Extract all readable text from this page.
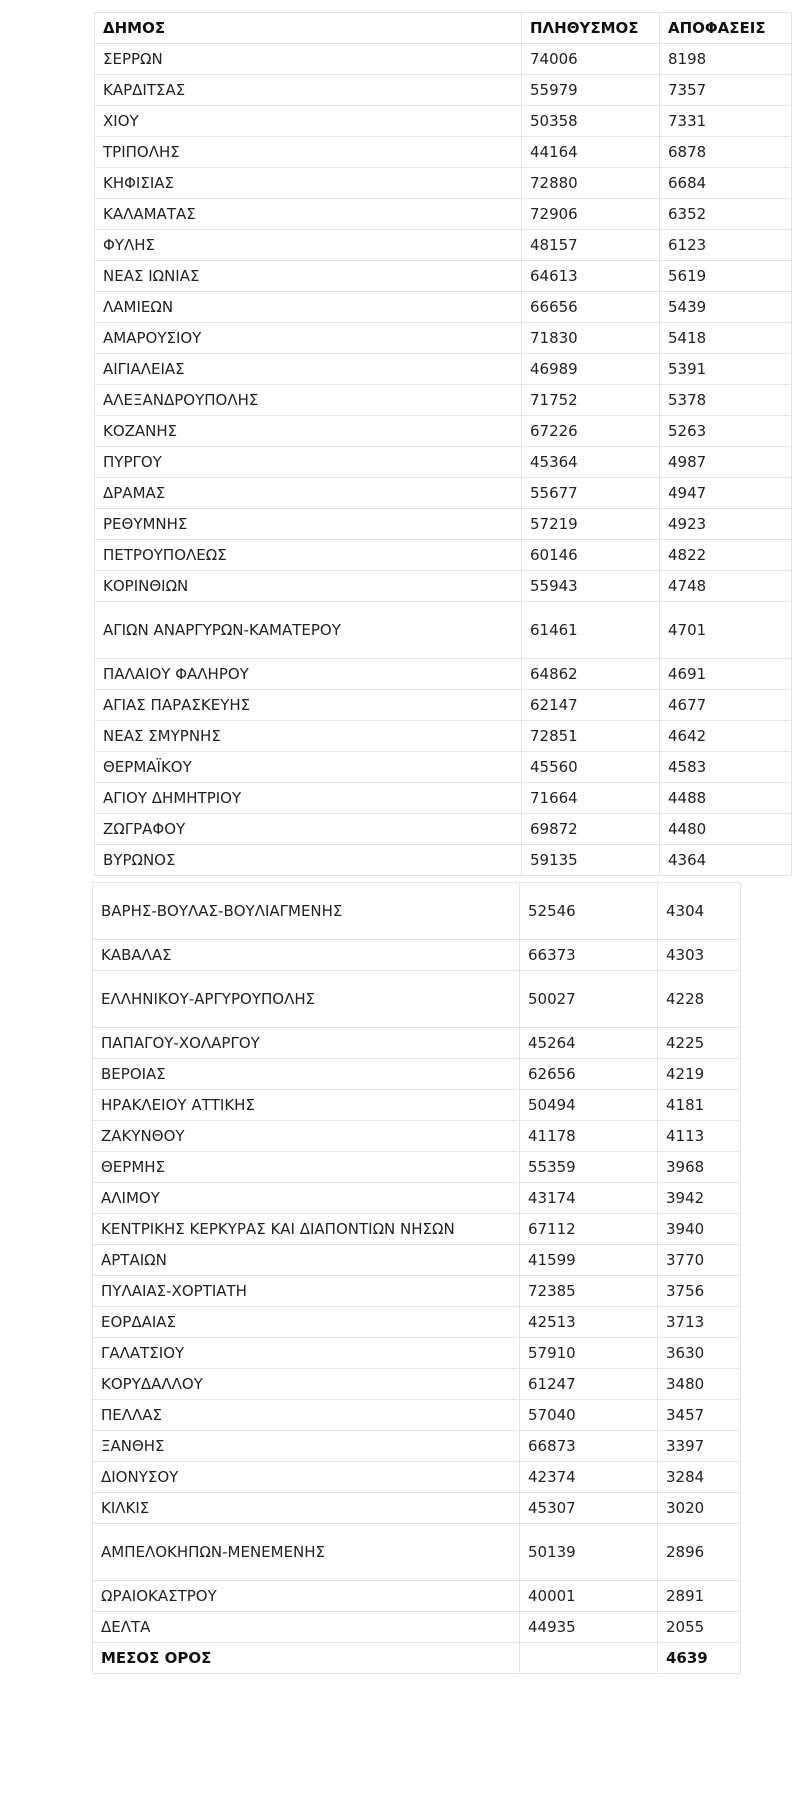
ΔΗΜΟΣ	ΠΛΗΘΥΣΜΟΣ	ΑΠΟΦΑΣΕΙΣ
ΣΕΡΡΩΝ	74006	8198
ΚΑΡΔΙΤΣΑΣ	55979	7357
ΧΙΟΥ	50358	7331
ΤΡΙΠΟΛΗΣ	44164	6878
ΚΗΦΙΣΙΑΣ	72880	6684
ΚΑΛΑΜΑΤΑΣ	72906	6352
ΦΥΛΗΣ	48157	6123
ΝΕΑΣ ΙΩΝΙΑΣ	64613	5619
ΛΑΜΙΕΩΝ	66656	5439
ΑΜΑΡΟΥΣΙΟΥ	71830	5418
ΑΙΓΙΑΛΕΙΑΣ	46989	5391
ΑΛΕΞΑΝΔΡΟΥΠΟΛΗΣ	71752	5378
ΚΟΖΑΝΗΣ	67226	5263
ΠΥΡΓΟΥ	45364	4987
ΔΡΑΜΑΣ	55677	4947
ΡΕΘΥΜΝΗΣ	57219	4923
ΠΕΤΡΟΥΠΟΛΕΩΣ	60146	4822
ΚΟΡΙΝΘΙΩΝ	55943	4748
ΑΓΙΩΝ ΑΝΑΡΓΥΡΩΝ-ΚΑΜΑΤΕΡΟΥ	61461	4701
ΠΑΛΑΙΟΥ ΦΑΛΗΡΟΥ	64862	4691
ΑΓΙΑΣ ΠΑΡΑΣΚΕΥΗΣ	62147	4677
ΝΕΑΣ ΣΜΥΡΝΗΣ	72851	4642
ΘΕΡΜΑΪΚΟΥ	45560	4583
ΑΓΙΟΥ ΔΗΜΗΤΡΙΟΥ	71664	4488
ΖΩΓΡΑΦΟΥ	69872	4480
ΒΥΡΩΝΟΣ	59135	4364
ΒΑΡΗΣ-ΒΟΥΛΑΣ-ΒΟΥΛΙΑΓΜΕΝΗΣ	52546	4304
ΚΑΒΑΛΑΣ	66373	4303
ΕΛΛΗΝΙΚΟΥ-ΑΡΓΥΡΟΥΠΟΛΗΣ	50027	4228
ΠΑΠΑΓΟΥ-ΧΟΛΑΡΓΟΥ	45264	4225
ΒΕΡΟΙΑΣ	62656	4219
ΗΡΑΚΛΕΙΟΥ ΑΤΤΙΚΗΣ	50494	4181
ΖΑΚΥΝΘΟΥ	41178	4113
ΘΕΡΜΗΣ	55359	3968
ΑΛΙΜΟΥ	43174	3942
ΚΕΝΤΡΙΚΗΣ ΚΕΡΚΥΡΑΣ ΚΑΙ ΔΙΑΠΟΝΤΙΩΝ ΝΗΣΩΝ	67112	3940
ΑΡΤΑΙΩΝ	41599	3770
ΠΥΛΑΙΑΣ-ΧΟΡΤΙΑΤΗ	72385	3756
ΕΟΡΔΑΙΑΣ	42513	3713
ΓΑΛΑΤΣΙΟΥ	57910	3630
ΚΟΡΥΔΑΛΛΟΥ	61247	3480
ΠΕΛΛΑΣ	57040	3457
ΞΑΝΘΗΣ	66873	3397
ΔΙΟΝΥΣΟΥ	42374	3284
ΚΙΛΚΙΣ	45307	3020
ΑΜΠΕΛΟΚΗΠΩΝ-ΜΕΝΕΜΕΝΗΣ	50139	2896
ΩΡΑΙΟΚΑΣΤΡΟΥ	40001	2891
ΔΕΛΤΑ	44935	2055
ΜΕΣΟΣ ΟΡΟΣ		4639
